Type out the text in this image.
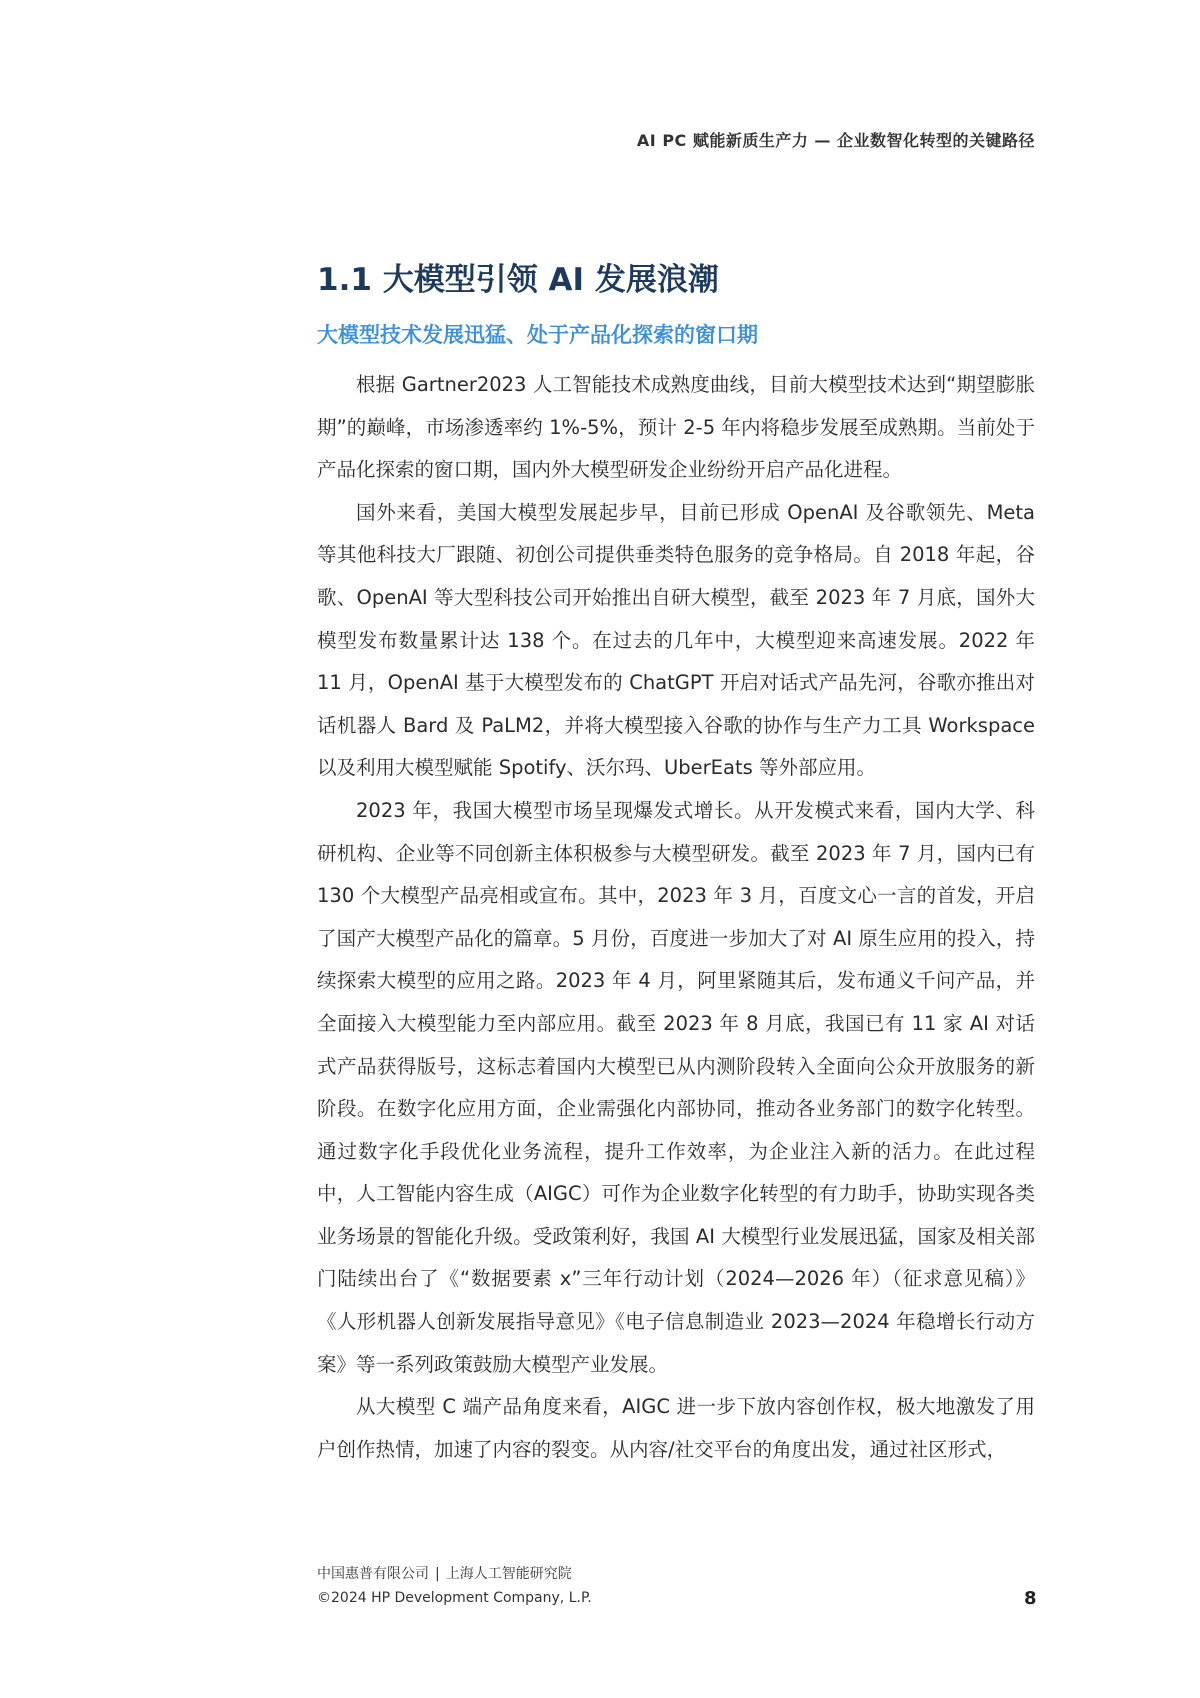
AI PC 赋能新质生产力 — 企业数智化转型的关键路径
1.1 大模型引领 AI 发展浪潮
大模型技术发展迅猛、处于产品化探索的窗口期

根据 Gartner2023 人工智能技术成熟度曲线，目前大模型技术达到“期望膨胀期”的巅峰，市场渗透率约 1%-5%，预计 2-5 年内将稳步发展至成熟期。当前处于产品化探索的窗口期，国内外大模型研发企业纷纷开启产品化进程。

国外来看，美国大模型发展起步早，目前已形成 OpenAI 及谷歌领先、Meta 等其他科技大厂跟随、初创公司提供垂类特色服务的竞争格局。自 2018 年起，谷歌、OpenAI 等大型科技公司开始推出自研大模型，截至 2023 年 7 月底，国外大模型发布数量累计达 138 个。在过去的几年中，大模型迎来高速发展。2022 年 11 月，OpenAI 基于大模型发布的 ChatGPT 开启对话式产品先河，谷歌亦推出对话机器人 Bard 及 PaLM2，并将大模型接入谷歌的协作与生产力工具 Workspace 以及利用大模型赋能 Spotify、沃尔玛、UberEats 等外部应用。

2023 年，我国大模型市场呈现爆发式增长。从开发模式来看，国内大学、科研机构、企业等不同创新主体积极参与大模型研发。截至 2023 年 7 月，国内已有 130 个大模型产品亮相或宣布。其中，2023 年 3 月，百度文心一言的首发，开启了国产大模型产品化的篇章。5 月份，百度进一步加大了对 AI 原生应用的投入，持续探索大模型的应用之路。2023 年 4 月，阿里紧随其后，发布通义千问产品，并全面接入大模型能力至内部应用。截至 2023 年 8 月底，我国已有 11 家 AI 对话式产品获得版号，这标志着国内大模型已从内测阶段转入全面向公众开放服务的新阶段。在数字化应用方面，企业需强化内部协同，推动各业务部门的数字化转型。通过数字化手段优化业务流程，提升工作效率，为企业注入新的活力。在此过程中，人工智能内容生成（AIGC）可作为企业数字化转型的有力助手，协助实现各类业务场景的智能化升级。受政策利好，我国 AI 大模型行业发展迅猛，国家及相关部门陆续出台了《“数据要素 x”三年行动计划（2024—2026 年）（征求意见稿）》《人形机器人创新发展指导意见》《电子信息制造业 2023—2024 年稳增长行动方案》等一系列政策鼓励大模型产业发展。

从大模型 C 端产品角度来看，AIGC 进一步下放内容创作权，极大地激发了用户创作热情，加速了内容的裂变。从内容/社交平台的角度出发，通过社区形式，

中国惠普有限公司 | 上海人工智能研究院
©2024 HP Development Company, L.P.	8
